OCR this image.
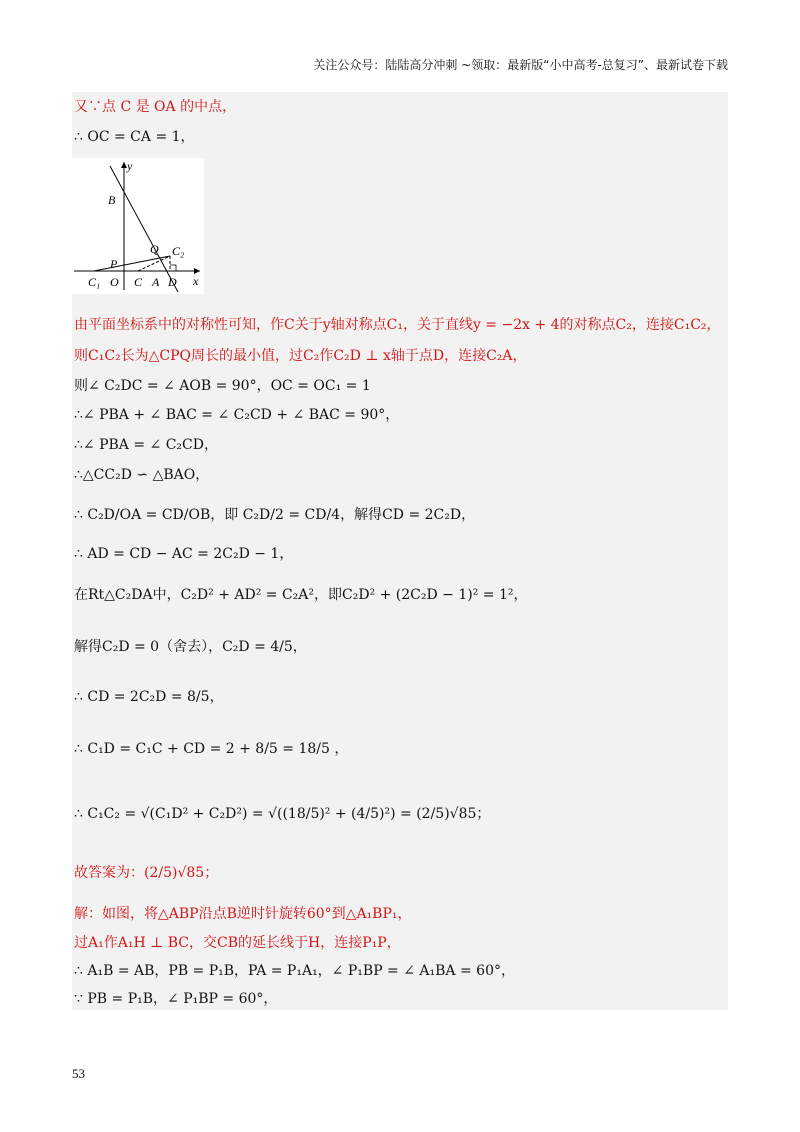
关注公众号：陆陆高分冲刺 ~领取：最新版“小中高考-总复习”、最新试卷下载
又∵点 C 是 OA 的中点，
∴ OC = CA = 1，
y
x
B
Q C₂
P
C₁ O C A D
由平面坐标系中的对称性可知，作C关于y轴对称点C₁，关于直线y = −2x + 4的对称点C₂，连接C₁C₂，
则C₁C₂长为△CPQ周长的最小值，过C₂作C₂D ⊥ x轴于点D，连接C₂A，
则∠ C₂DC = ∠ AOB = 90°，OC = OC₁ = 1
∴∠ PBA + ∠ BAC = ∠ C₂CD + ∠ BAC = 90°，
∴∠ PBA = ∠ C₂CD，
∴△CC₂D ∽ △BAO，
∴ C₂D/OA = CD/OB，即 C₂D/2 = CD/4，解得CD = 2C₂D，
∴ AD = CD − AC = 2C₂D − 1，
在Rt△C₂DA中，C₂D² + AD² = C₂A²，即C₂D² + (2C₂D − 1)² = 1²，
解得C₂D = 0（舍去），C₂D = 4/5，
∴ CD = 2C₂D = 8/5，
∴ C₁D = C₁C + CD = 2 + 8/5 = 18/5 ，
∴ C₁C₂ = √(C₁D² + C₂D²) = √((18/5)² + (4/5)²) = (2/5)√85；
故答案为：(2/5)√85；
解：如图，将△ABP沿点B逆时针旋转60°到△A₁BP₁，
过A₁作A₁H ⊥ BC，交CB的延长线于H，连接P₁P，
∴ A₁B = AB，PB = P₁B，PA = P₁A₁，∠ P₁BP = ∠ A₁BA = 60°，
∵ PB = P₁B，∠ P₁BP = 60°，
53
